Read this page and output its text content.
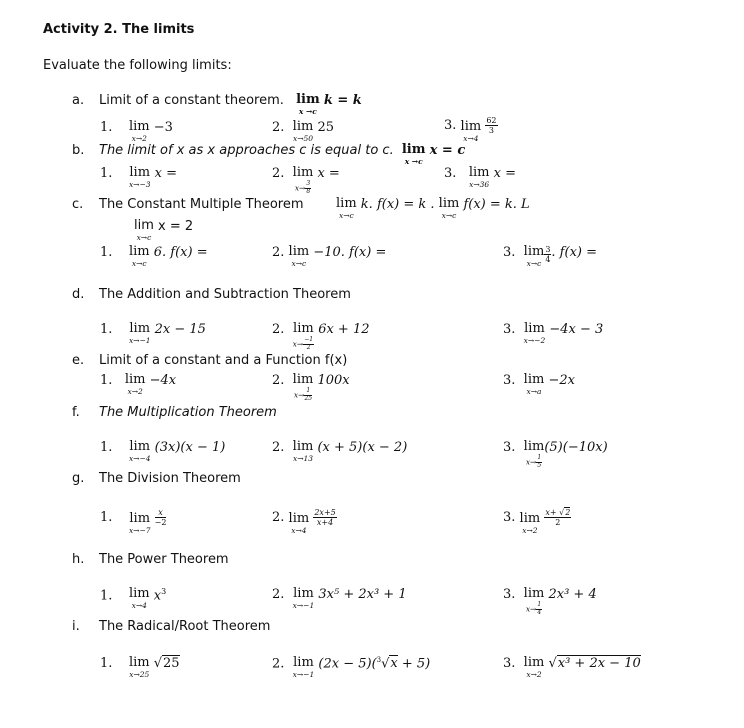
Activity 2. The limits
Evaluate the following limits:
a. Limit of a constant theorem. lim
x →c
k = k
1. lim
x→2
−3	2. lim
x→50
25	3. lim
x→4

$\frac{62}{3}$
b. The limit of x as x approaches c is equal to c. lim
x →c
x = c
1. lim
x→−3
x =	2. lim
$x\to \frac{3}{8}$
x =	3. lim
x→36
x =
c. The Constant Multiple Theorem lim
x→c
k. f(x) = k . lim
x→c
f(x) = k. L
lim
x→c
x = 2
1. lim
x→c
6. f(x) =	2. lim
x→c
−10. f(x) =	3. lim
$x\to c \frac{3}{4}$ . f(x) =
d. The Addition and Subtraction Theorem
1. lim
x→−1
2x − 15	2. lim
$x\to \frac{-1}{2}$
6x + 12	3. lim
x→−2
−4x − 3
e. Limit of a constant and a Function f(x)
1. lim
x→2
−4x	2. lim
$x\to \frac{1}{25}$
100x	3. lim
x→a
−2x
f. The Multiplication Theorem
1. lim
x→−4
(3x)(x − 1)	2. lim
x→13
(x + 5)(x − 2)	3. lim
$x\to \frac{1}{5}$
(5)(−10x)
g. The Division Theorem
1. lim
x→−7

$\frac{x}{-2}$	2. lim
x→4

$\frac{2x+5}{x+4}$	3. lim
x→2

$\frac{x+ √2}{2}$
h. The Power Theorem
1. lim
x→4
$x^3$	2. lim
x→−1
3x⁵ + 2x³ + 1	3. lim
$x\to \frac{1}{4}$
2x³ + 4
i. The Radical/Root Theorem
1. lim
x→25
√25	2. lim
x→−1
(2x − 5)($^3$√x + 5)	3. lim
x→2
√x³ + 2x − 10
